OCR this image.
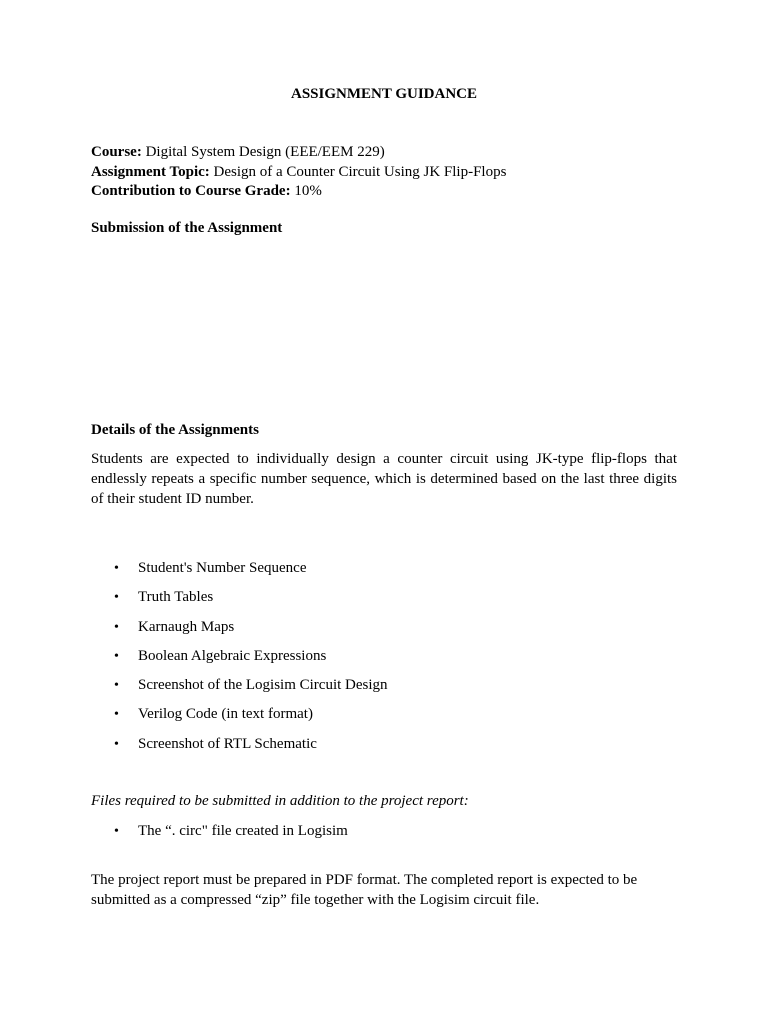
ASSIGNMENT GUIDANCE
Course: Digital System Design (EEE/EEM 229)
Assignment Topic: Design of a Counter Circuit Using JK Flip-Flops
Contribution to Course Grade: 10%
Submission of the Assignment
Details of the Assignments
Students are expected to individually design a counter circuit using JK-type flip-flops that endlessly repeats a specific number sequence, which is determined based on the last three digits of their student ID number.
• Student's Number Sequence
• Truth Tables
• Karnaugh Maps
• Boolean Algebraic Expressions
• Screenshot of the Logisim Circuit Design
• Verilog Code (in text format)
• Screenshot of RTL Schematic
Files required to be submitted in addition to the project report:
• The “. circ" file created in Logisim
The project report must be prepared in PDF format. The completed report is expected to be submitted as a compressed “zip” file together with the Logisim circuit file.
